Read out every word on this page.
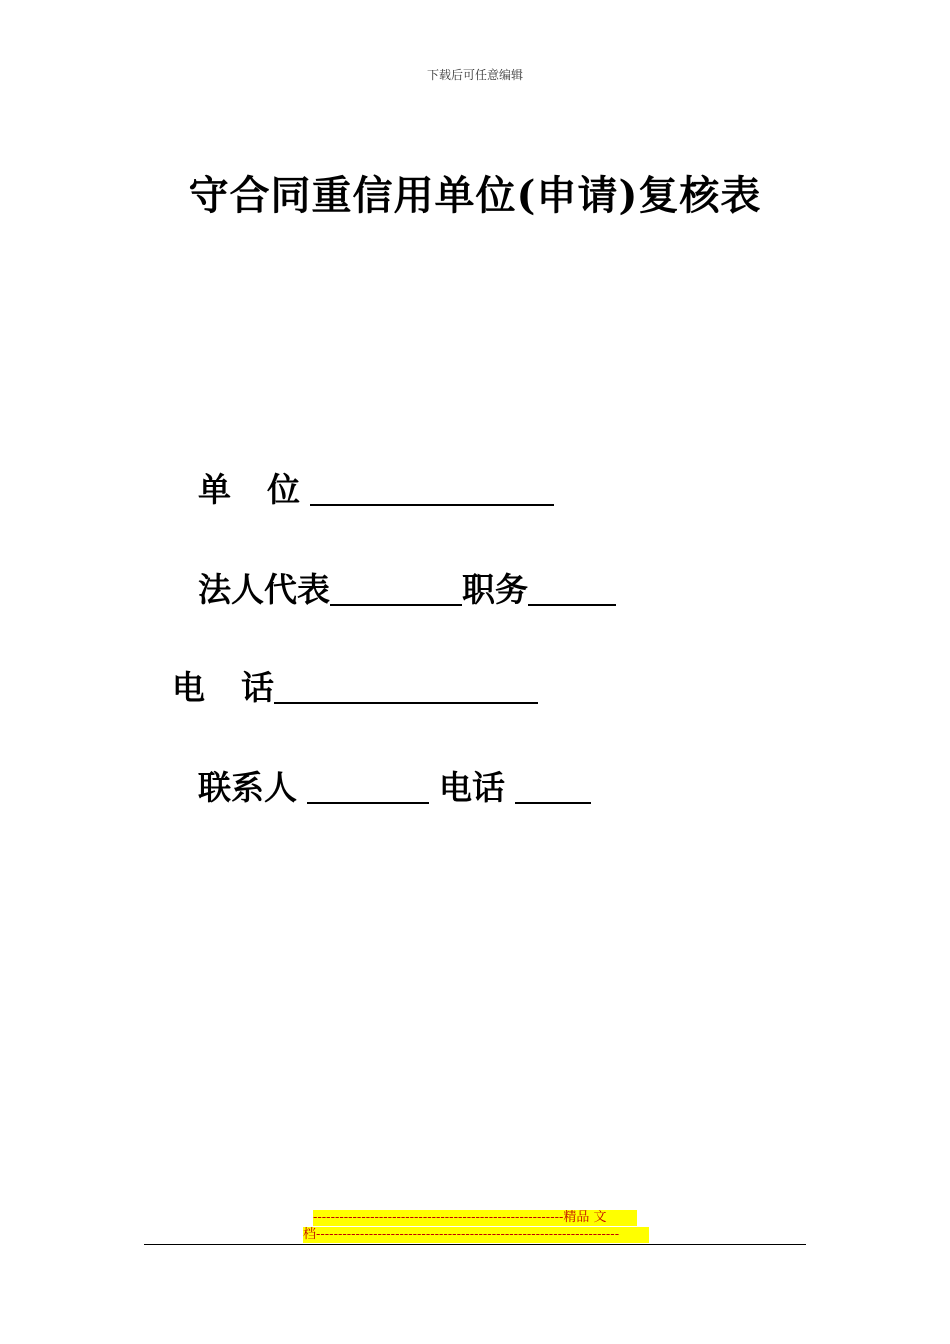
下载后可任意编辑
守合同重信用单位(申请)复核表
单 位
法人代表	职务
电 话
联系人	电话
---------------------------------------------------------精品 文
档---------------------------------------------------------------------
